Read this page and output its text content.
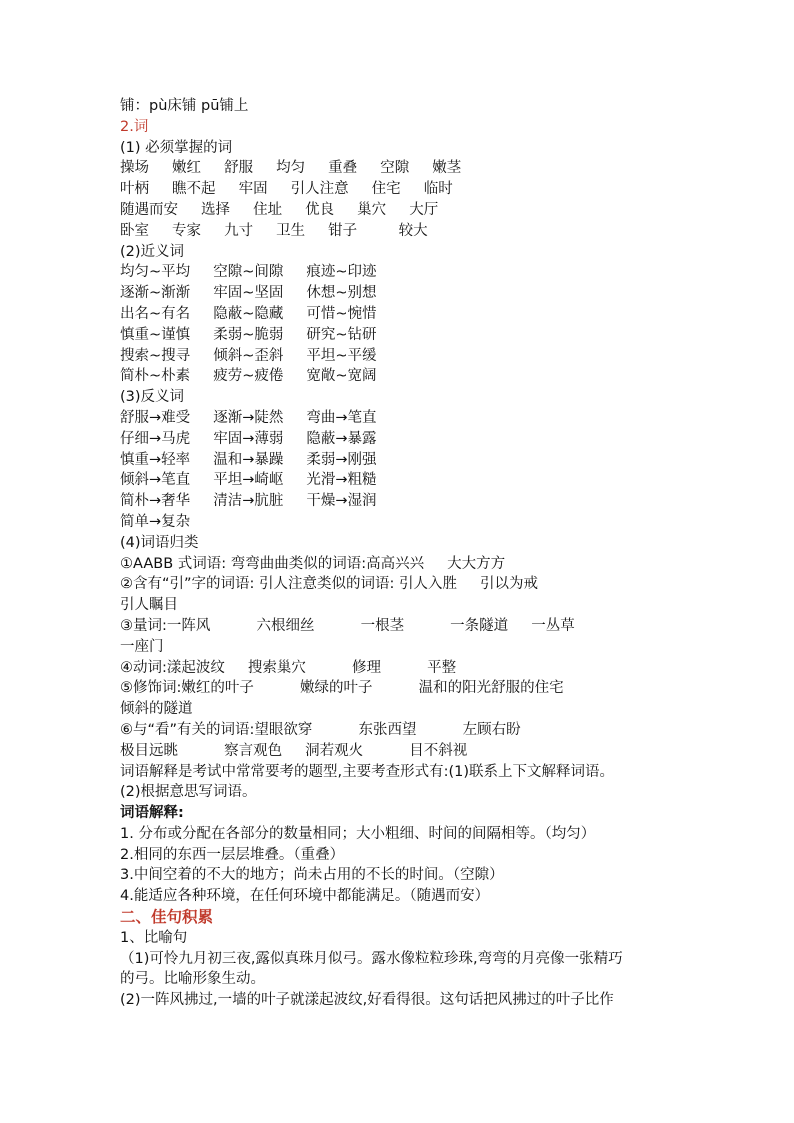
铺：pù床铺 pū铺上
2.词
(1) 必须掌握的词
操场     嫩红     舒服     均匀     重叠     空隙     嫩茎
叶柄     瞧不起     牢固     引人注意     住宅     临时
随遇而安     选择     住址     优良     巢穴     大厅
卧室     专家     九寸     卫生     钳子         较大
(2)近义词
均匀~平均     空隙~间隙     痕迹~印迹
逐渐~渐渐     牢固~坚固     休想~别想
出名~有名     隐蔽~隐藏     可惜~惋惜
慎重~谨慎     柔弱~脆弱     研究~钻研
搜索~搜寻     倾斜~歪斜     平坦~平缓
简朴~朴素     疲劳~疲倦     宽敞~宽阔
(3)反义词
舒服→难受     逐渐→陡然     弯曲→笔直
仔细→马虎     牢固→薄弱     隐蔽→暴露
慎重→轻率     温和→暴躁     柔弱→刚强
倾斜→笔直     平坦→崎岖     光滑→粗糙
简朴→奢华     清洁→肮脏     干燥→湿润
简单→复杂
(4)词语归类
①AABB 式词语: 弯弯曲曲类似的词语:高高兴兴     大大方方
②含有“引”字的词语: 引人注意类似的词语: 引人入胜     引以为戒
引人瞩目
③量词:一阵风          六根细丝          一根茎          一条隧道     一丛草
一座门
④动词:漾起波纹     搜索巢穴          修理          平整
⑤修饰词:嫩红的叶子          嫩绿的叶子          温和的阳光舒服的住宅
倾斜的隧道
⑥与“看”有关的词语:望眼欲穿          东张西望          左顾右盼
极目远眺          察言观色     洞若观火          目不斜视
词语解释是考试中常常要考的题型,主要考查形式有:(1)联系上下文解释词语。
(2)根据意思写词语。
词语解释:
1. 分布或分配在各部分的数量相同；大小粗细、时间的间隔相等。（均匀）
2.相同的东西一层层堆叠。（重叠）
3.中间空着的不大的地方；尚未占用的不长的时间。（空隙）
4.能适应各种环境，在任何环境中都能满足。（随遇而安）
二、佳句积累
1、比喻句
（1)可怜九月初三夜,露似真珠月似弓。露水像粒粒珍珠,弯弯的月亮像一张精巧
的弓。比喻形象生动。
(2)一阵风拂过,一墙的叶子就漾起波纹,好看得很。这句话把风拂过的叶子比作
